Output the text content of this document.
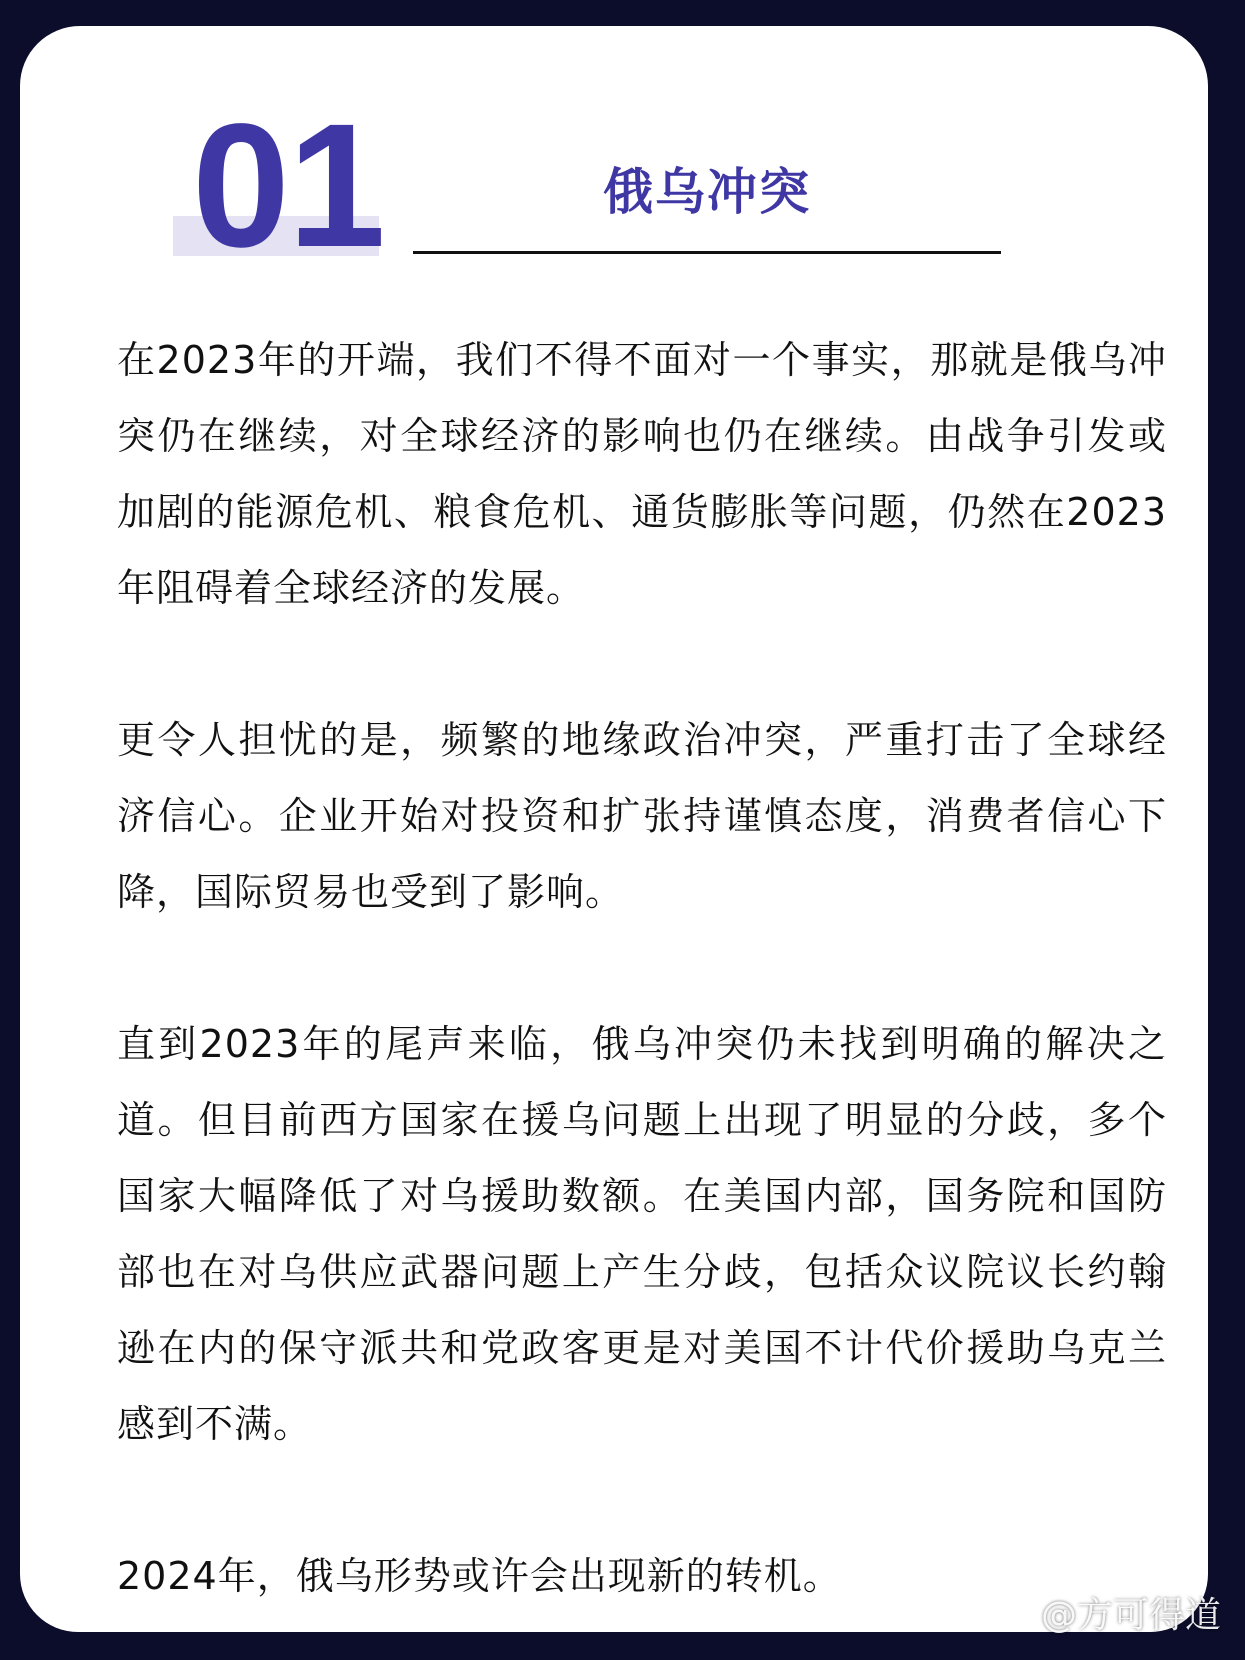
01	俄乌冲突

在2023年的开端，我们不得不面对一个事实，那就是俄乌冲突仍在继续，对全球经济的影响也仍在继续。由战争引发或加剧的能源危机、粮食危机、通货膨胀等问题，仍然在2023年阻碍着全球经济的发展。

更令人担忧的是，频繁的地缘政治冲突，严重打击了全球经济信心。企业开始对投资和扩张持谨慎态度，消费者信心下降，国际贸易也受到了影响。

直到2023年的尾声来临，俄乌冲突仍未找到明确的解决之道。但目前西方国家在援乌问题上出现了明显的分歧，多个国家大幅降低了对乌援助数额。在美国内部，国务院和国防部也在对乌供应武器问题上产生分歧，包括众议院议长约翰逊在内的保守派共和党政客更是对美国不计代价援助乌克兰感到不满。

2024年，俄乌形势或许会出现新的转机。

@方可得道
